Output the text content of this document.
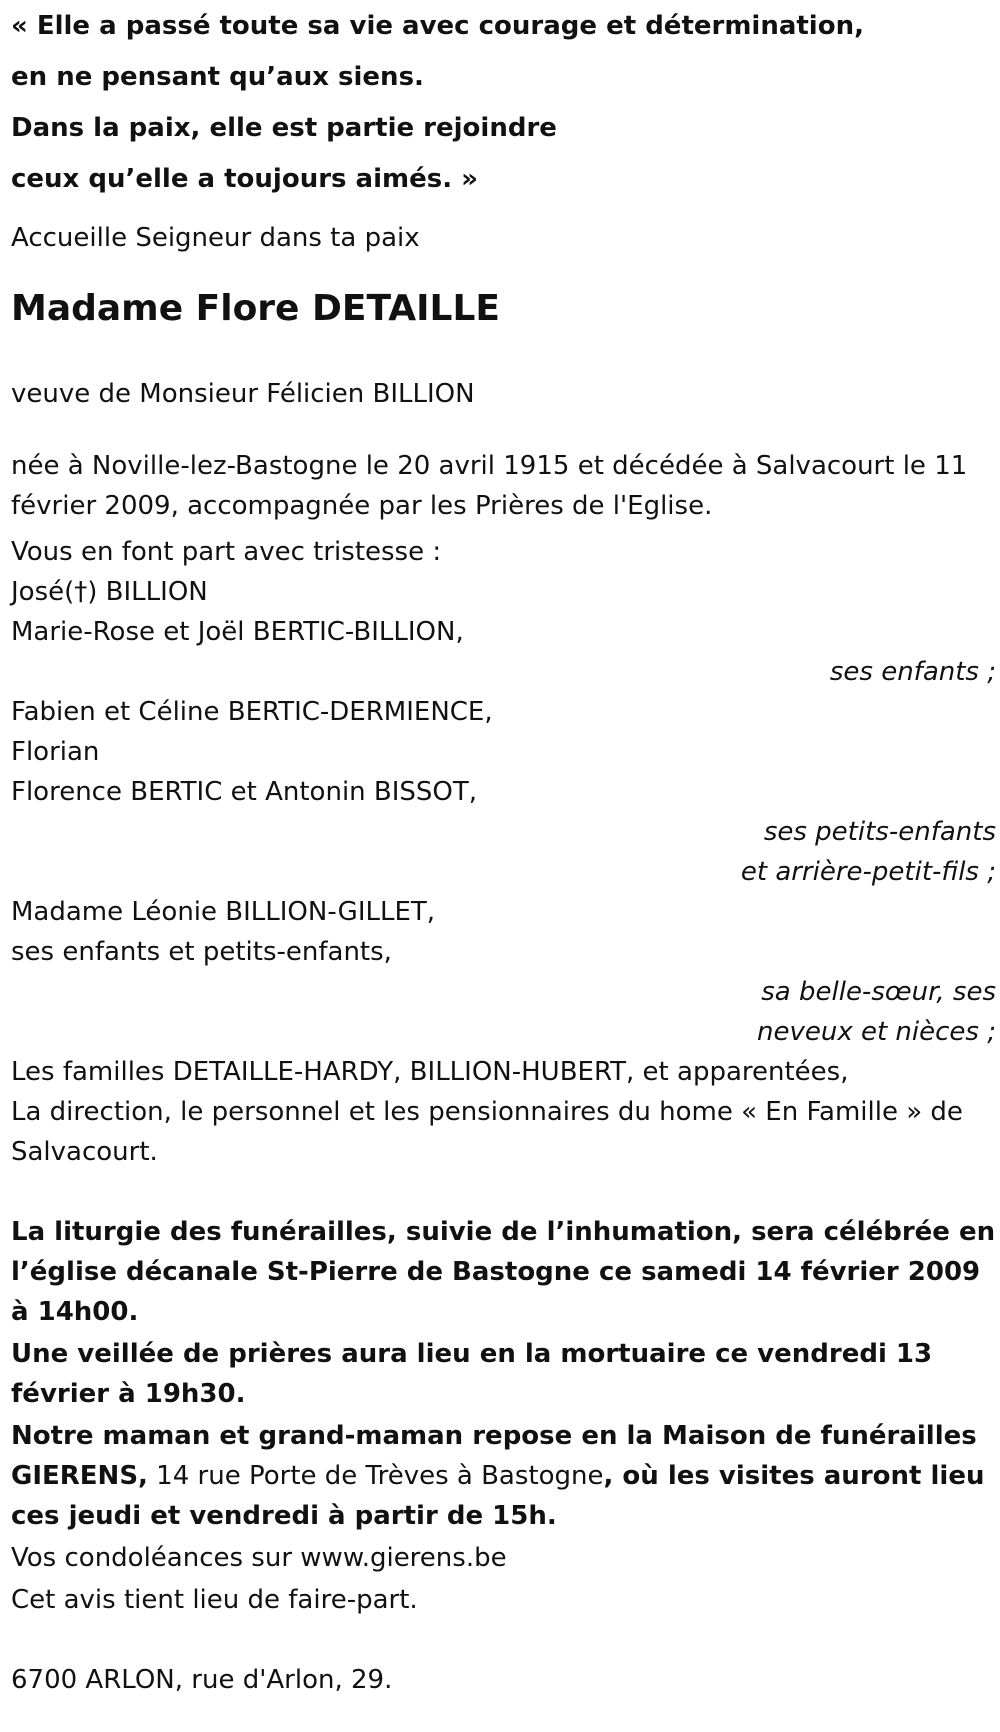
« Elle a passé toute sa vie avec courage et détermination,

en ne pensant qu’aux siens.

Dans la paix, elle est partie rejoindre

ceux qu’elle a toujours aimés. »

Accueille Seigneur dans ta paix

Madame Flore DETAILLE

veuve de Monsieur Félicien BILLION

née à Noville-lez-Bastogne le 20 avril 1915 et décédée à Salvacourt le 11 février 2009, accompagnée par les Prières de l'Eglise.

Vous en font part avec tristesse :

José(†) BILLION

Marie-Rose et Joël BERTIC-BILLION,

ses enfants ;

Fabien et Céline BERTIC-DERMIENCE,

Florian

Florence BERTIC et Antonin BISSOT,

ses petits-enfants

et arrière-petit-fils ;

Madame Léonie BILLION-GILLET,

ses enfants et petits-enfants,

sa belle-sœur, ses

neveux et nièces ;

Les familles DETAILLE-HARDY, BILLION-HUBERT, et apparentées,

La direction, le personnel et les pensionnaires du home « En Famille » de Salvacourt.

La liturgie des funérailles, suivie de l’inhumation, sera célébrée en l’église décanale St-Pierre de Bastogne ce samedi 14 février 2009 à 14h00.

Une veillée de prières aura lieu en la mortuaire ce vendredi 13 février à 19h30.

Notre maman et grand-maman repose en la Maison de funérailles GIERENS, 14 rue Porte de Trèves à Bastogne, où les visites auront lieu ces jeudi et vendredi à partir de 15h.

Vos condoléances sur www.gierens.be

Cet avis tient lieu de faire-part.

6700 ARLON, rue d'Arlon, 29.
